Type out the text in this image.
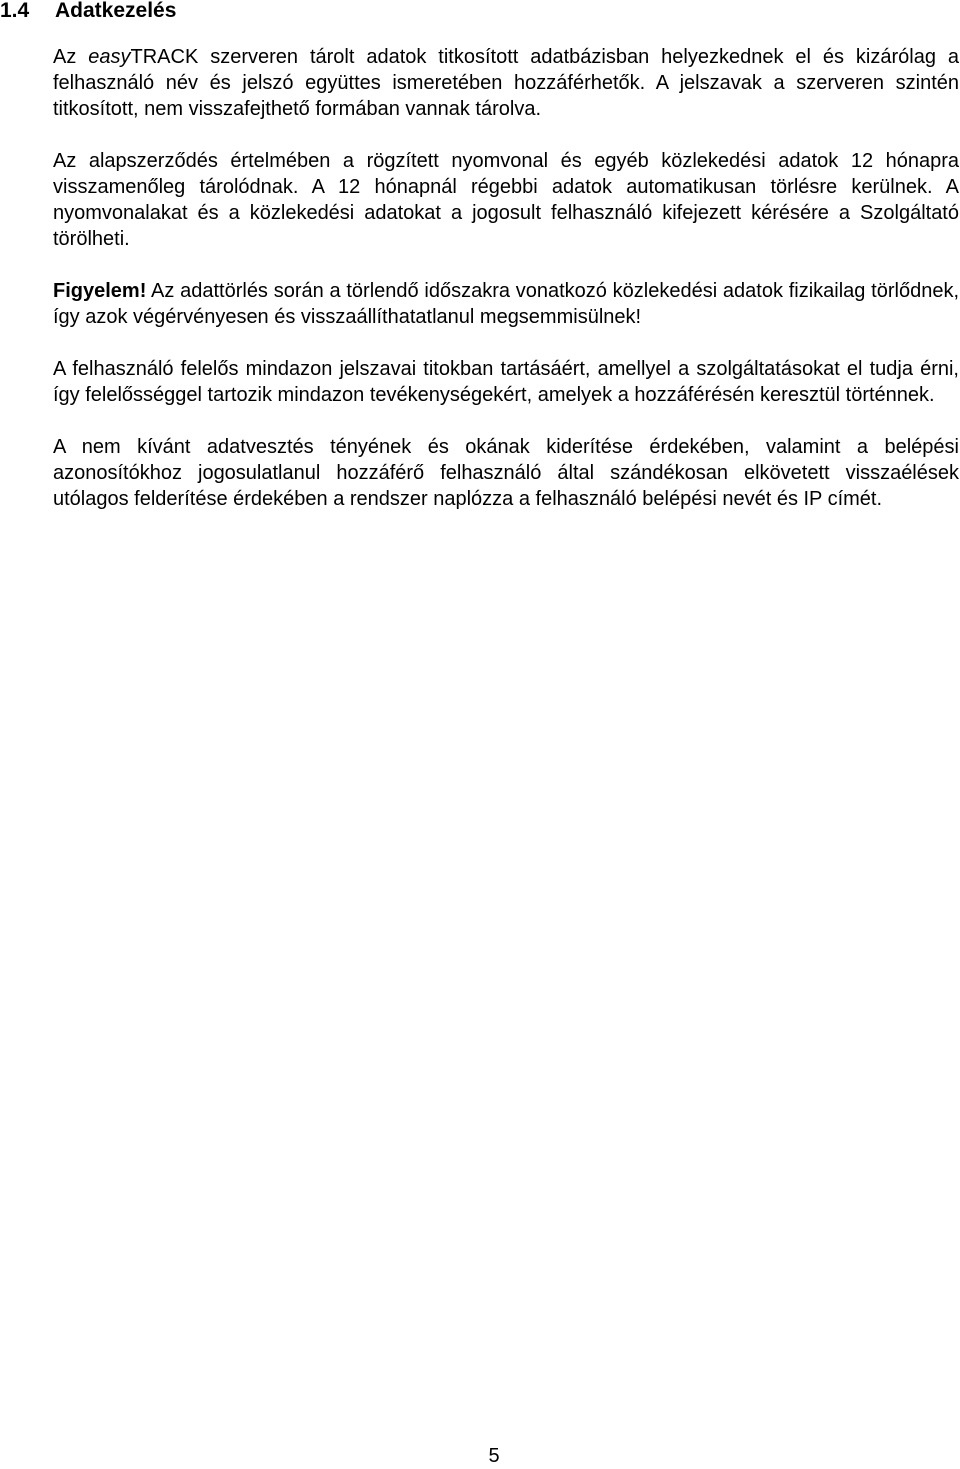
1.4 Adatkezelés

Az easyTRACK szerveren tárolt adatok titkosított adatbázisban helyezkednek el és kizárólag a felhasználó név és jelszó együttes ismeretében hozzáférhetők. A jelszavak a szerveren szintén titkosított, nem visszafejthető formában vannak tárolva.

Az alapszerződés értelmében a rögzített nyomvonal és egyéb közlekedési adatok 12 hónapra visszamenőleg tárolódnak. A 12 hónapnál régebbi adatok automatikusan törlésre kerülnek. A nyomvonalakat és a közlekedési adatokat a jogosult felhasználó kifejezett kérésére a Szolgáltató törölheti.

Figyelem! Az adattörlés során a törlendő időszakra vonatkozó közlekedési adatok fizikailag törlődnek, így azok végérvényesen és visszaállíthatatlanul megsemmisülnek!

A felhasználó felelős mindazon jelszavai titokban tartásáért, amellyel a szolgáltatásokat el tudja érni, így felelősséggel tartozik mindazon tevékenységekért, amelyek a hozzáférésén keresztül történnek.

A nem kívánt adatvesztés tényének és okának kiderítése érdekében, valamint a belépési azonosítókhoz jogosulatlanul hozzáférő felhasználó által szándékosan elkövetett visszaélések utólagos felderítése érdekében a rendszer naplózza a felhasználó belépési nevét és IP címét.

5
